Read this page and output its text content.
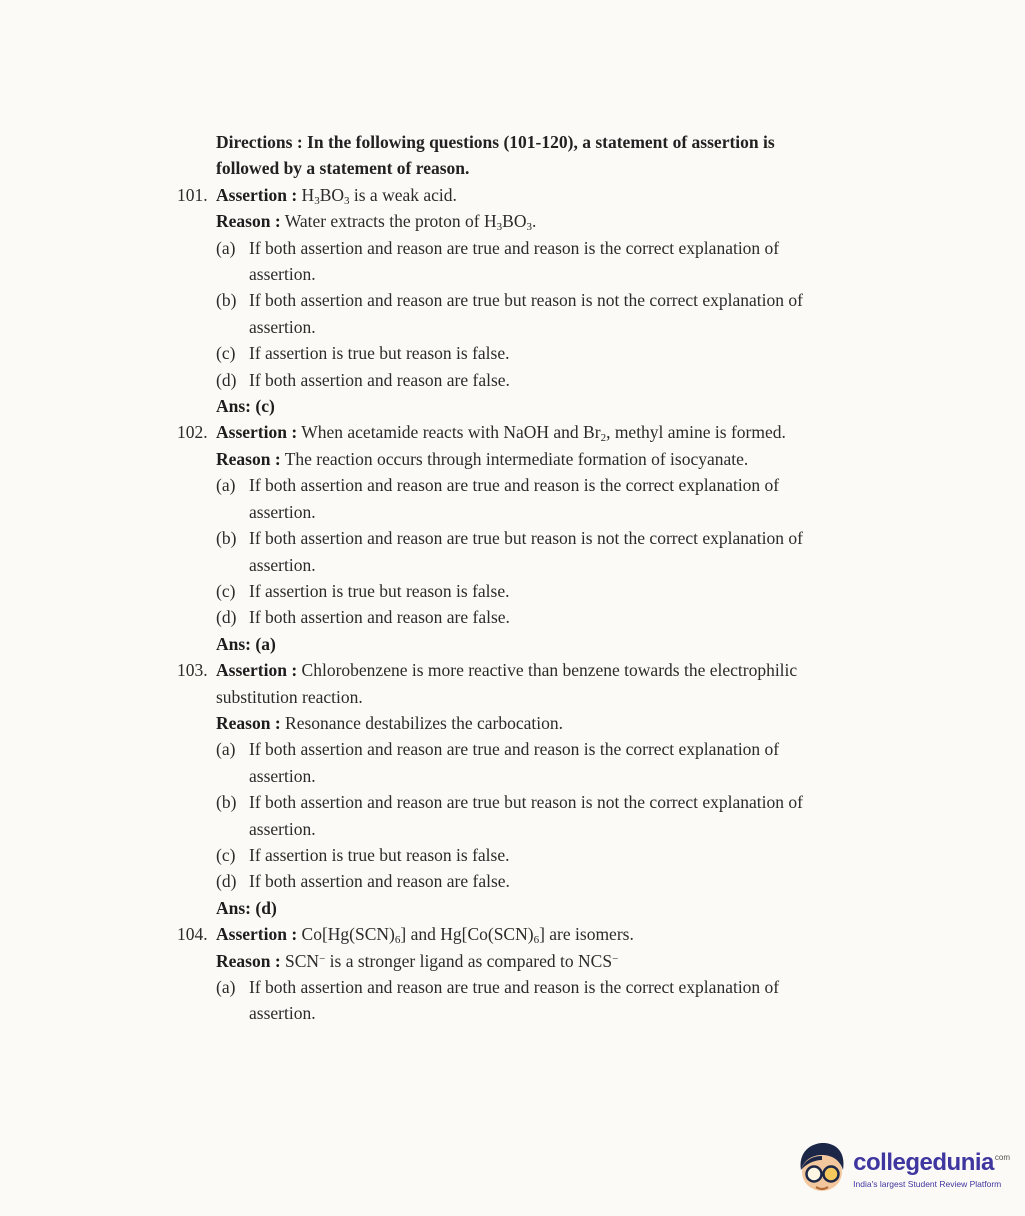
Directions : In the following questions (101-120), a statement of assertion is followed by a statement of reason.

101. Assertion : $H_3BO_3$ is a weak acid.

Reason : Water extracts the proton of $H_3BO_3$.

(a) If both assertion and reason are true and reason is the correct explanation of assertion.
(b) If both assertion and reason are true but reason is not the correct explanation of assertion.
(c) If assertion is true but reason is false.
(d) If both assertion and reason are false.

Ans: (c)

102. Assertion : When acetamide reacts with NaOH and $Br_2$, methyl amine is formed.

Reason : The reaction occurs through intermediate formation of isocyanate.

(a) If both assertion and reason are true and reason is the correct explanation of assertion.
(b) If both assertion and reason are true but reason is not the correct explanation of assertion.
(c) If assertion is true but reason is false.
(d) If both assertion and reason are false.

Ans: (a)

103. Assertion : Chlorobenzene is more reactive than benzene towards the electrophilic substitution reaction.

Reason : Resonance destabilizes the carbocation.

(a) If both assertion and reason are true and reason is the correct explanation of assertion.
(b) If both assertion and reason are true but reason is not the correct explanation of assertion.
(c) If assertion is true but reason is false.
(d) If both assertion and reason are false.

Ans: (d)

104. Assertion : $Co[Hg(SCN)_6]$ and $Hg[Co(SCN)_6]$ are isomers.

Reason : SCN− is a stronger ligand as compared to NCS−

(a) If both assertion and reason are true and reason is the correct explanation of assertion.
collegedunia com
India's largest Student Review Platform
